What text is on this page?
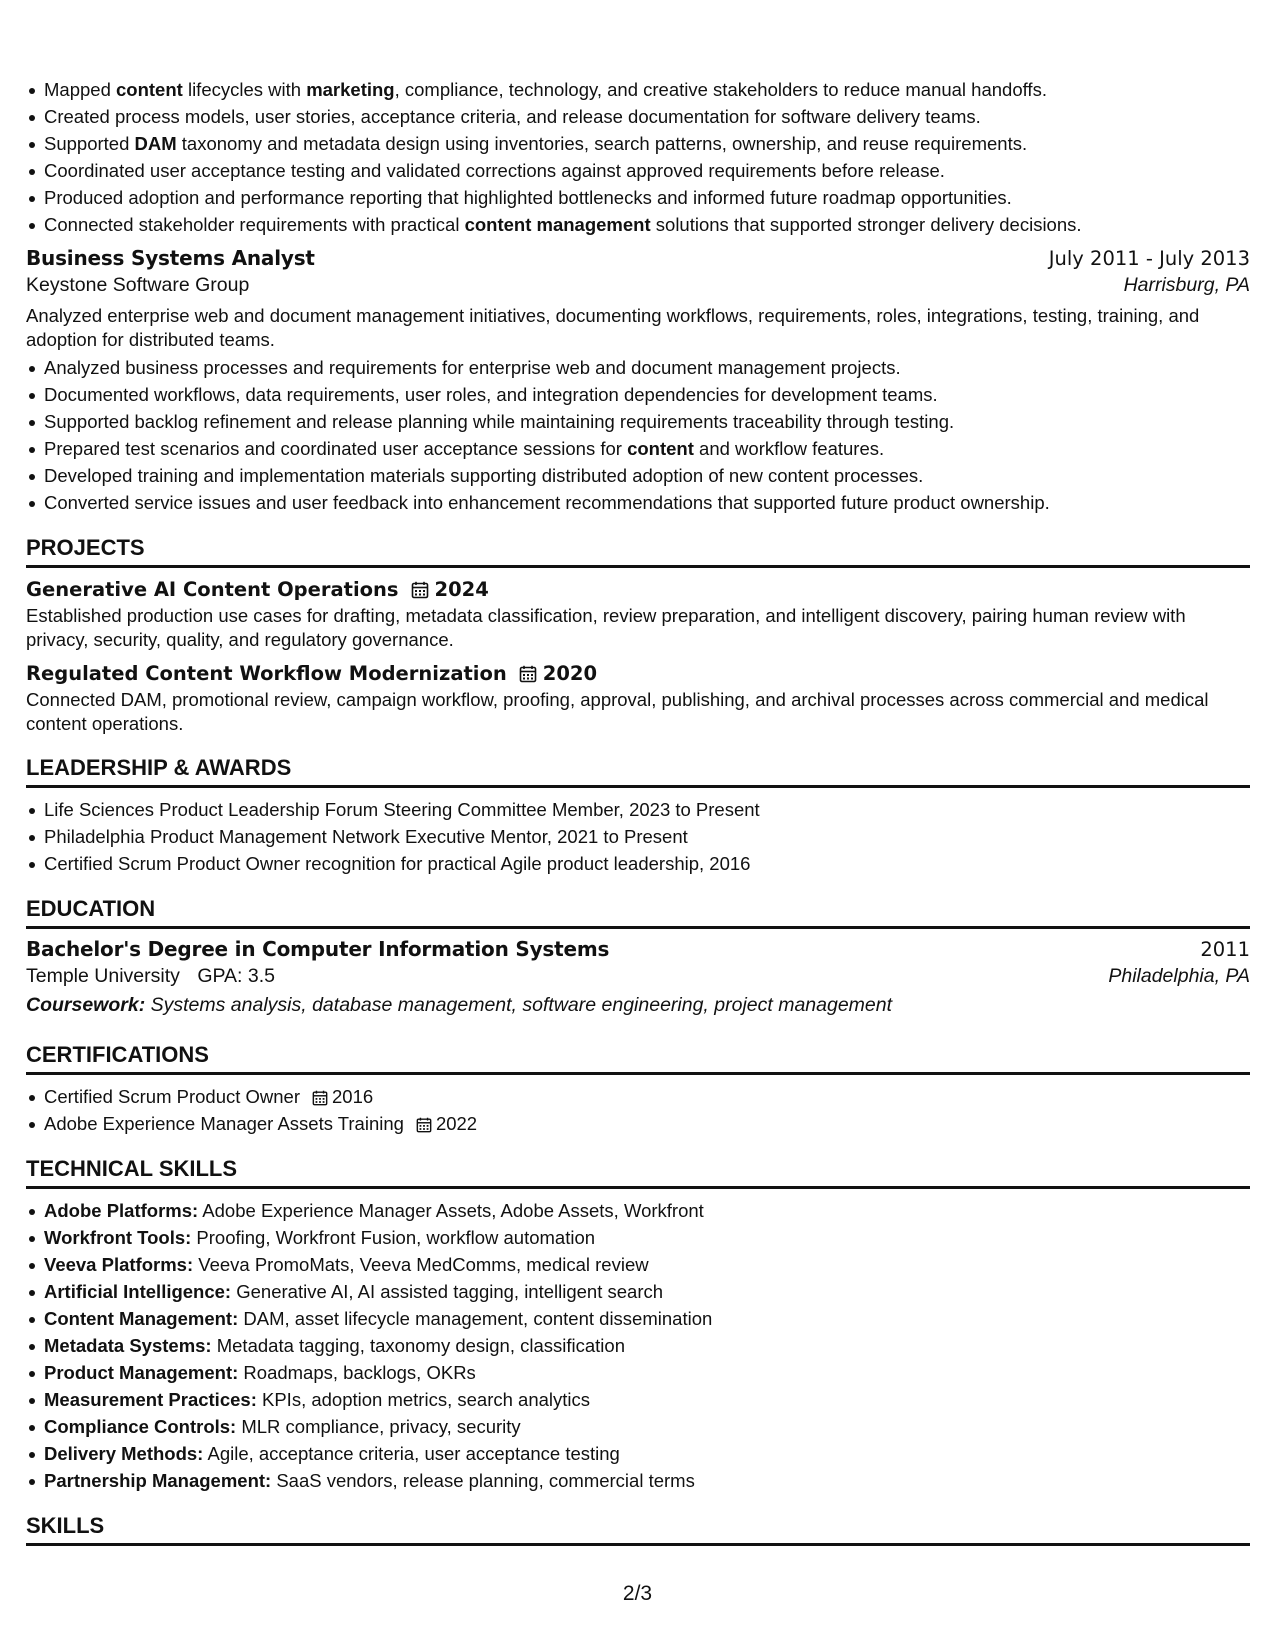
Mapped content lifecycles with marketing, compliance, technology, and creative stakeholders to reduce manual handoffs.
Created process models, user stories, acceptance criteria, and release documentation for software delivery teams.
Supported DAM taxonomy and metadata design using inventories, search patterns, ownership, and reuse requirements.
Coordinated user acceptance testing and validated corrections against approved requirements before release.
Produced adoption and performance reporting that highlighted bottlenecks and informed future roadmap opportunities.
Connected stakeholder requirements with practical content management solutions that supported stronger delivery decisions.
Business Systems Analyst	July 2011 - July 2013
Keystone Software Group	Harrisburg, PA
Analyzed enterprise web and document management initiatives, documenting workflows, requirements, roles, integrations, testing, training, and adoption for distributed teams.
Analyzed business processes and requirements for enterprise web and document management projects.
Documented workflows, data requirements, user roles, and integration dependencies for development teams.
Supported backlog refinement and release planning while maintaining requirements traceability through testing.
Prepared test scenarios and coordinated user acceptance sessions for content and workflow features.
Developed training and implementation materials supporting distributed adoption of new content processes.
Converted service issues and user feedback into enhancement recommendations that supported future product ownership.
PROJECTS
Generative AI Content Operations 2024
Established production use cases for drafting, metadata classification, review preparation, and intelligent discovery, pairing human review with privacy, security, quality, and regulatory governance.
Regulated Content Workflow Modernization 2020
Connected DAM, promotional review, campaign workflow, proofing, approval, publishing, and archival processes across commercial and medical content operations.
LEADERSHIP & AWARDS
Life Sciences Product Leadership Forum Steering Committee Member, 2023 to Present
Philadelphia Product Management Network Executive Mentor, 2021 to Present
Certified Scrum Product Owner recognition for practical Agile product leadership, 2016
EDUCATION
Bachelor's Degree in Computer Information Systems	2011
Temple University GPA: 3.5	Philadelphia, PA
Coursework: Systems analysis, database management, software engineering, project management
CERTIFICATIONS
Certified Scrum Product Owner 2016
Adobe Experience Manager Assets Training 2022
TECHNICAL SKILLS
Adobe Platforms: Adobe Experience Manager Assets, Adobe Assets, Workfront
Workfront Tools: Proofing, Workfront Fusion, workflow automation
Veeva Platforms: Veeva PromoMats, Veeva MedComms, medical review
Artificial Intelligence: Generative AI, AI assisted tagging, intelligent search
Content Management: DAM, asset lifecycle management, content dissemination
Metadata Systems: Metadata tagging, taxonomy design, classification
Product Management: Roadmaps, backlogs, OKRs
Measurement Practices: KPIs, adoption metrics, search analytics
Compliance Controls: MLR compliance, privacy, security
Delivery Methods: Agile, acceptance criteria, user acceptance testing
Partnership Management: SaaS vendors, release planning, commercial terms
SKILLS
2/3
